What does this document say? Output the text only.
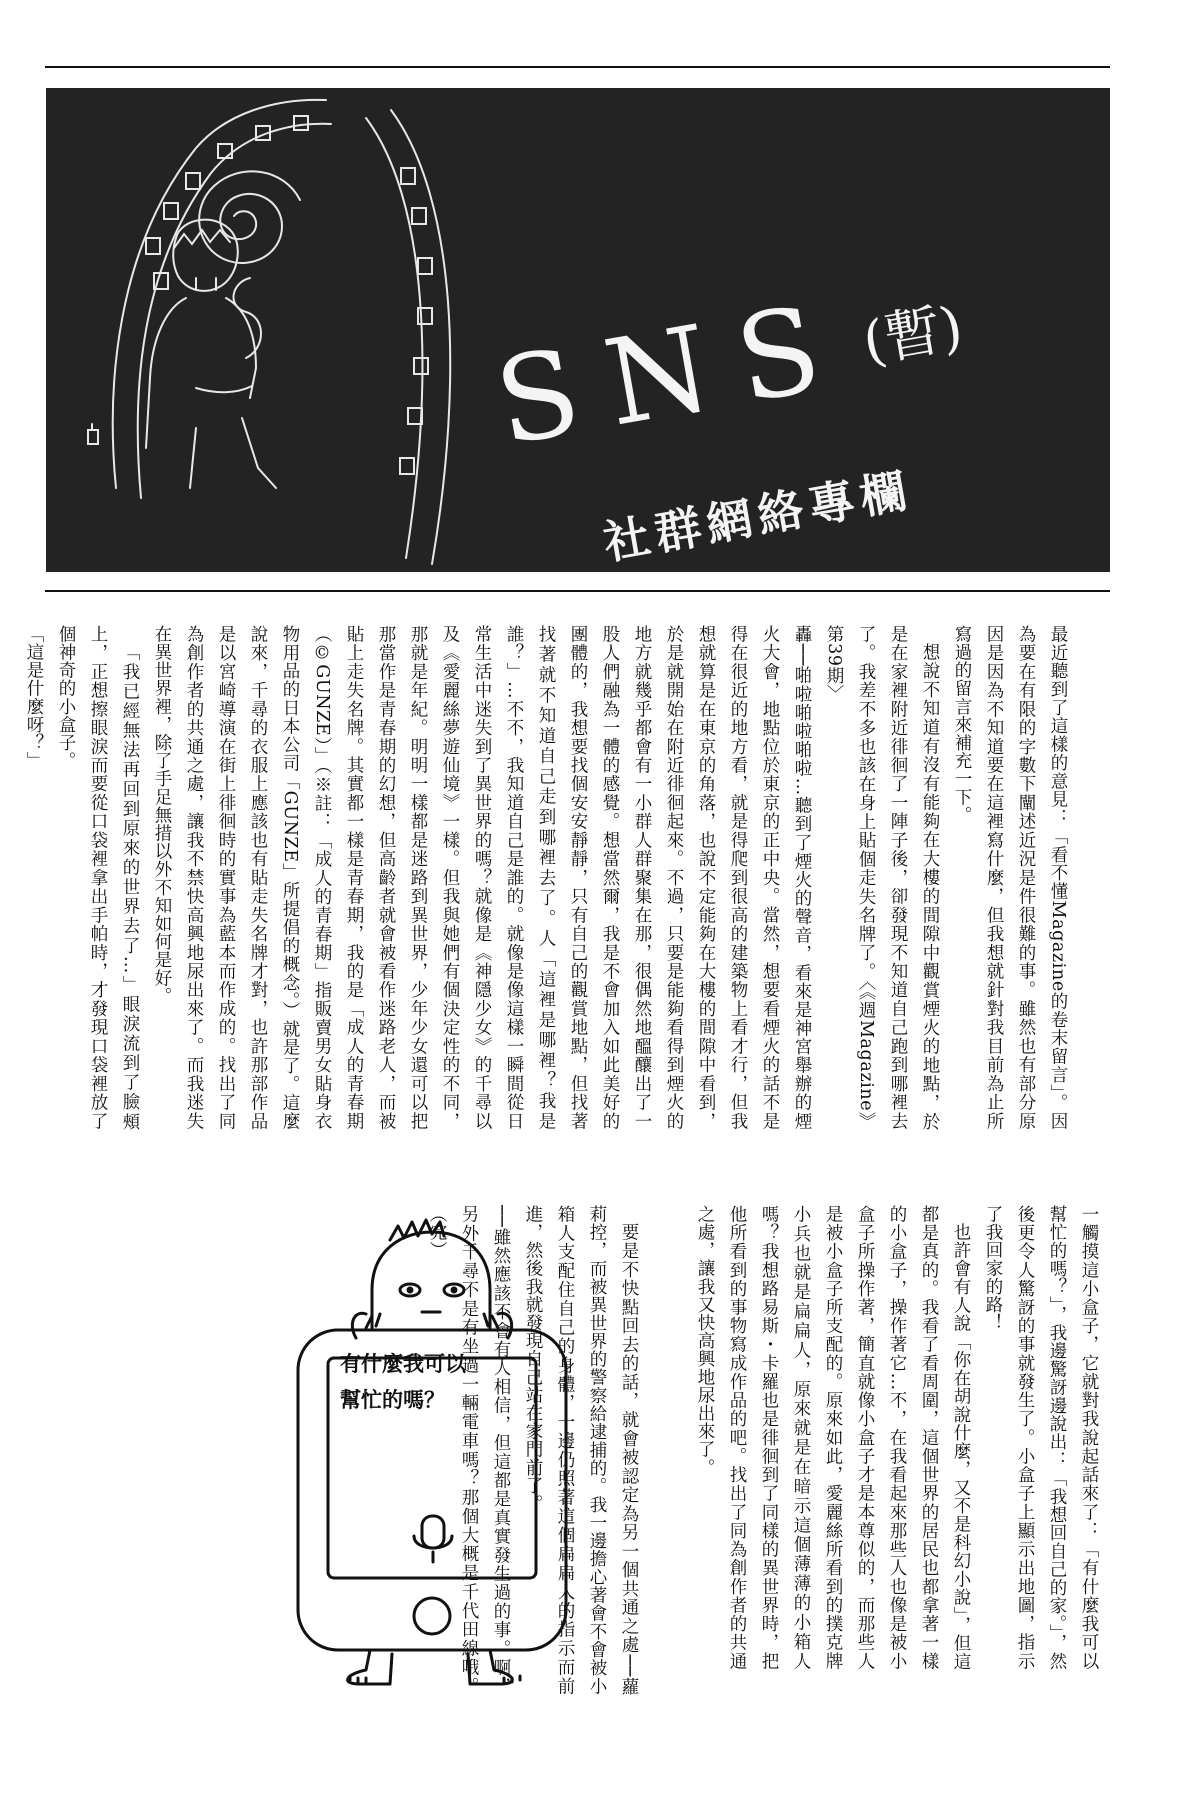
SNS
(暫)
社群網絡專欄

最近聽到了這樣的意見：「看不懂Magazine的卷末留言」。因為要在有限的字數下闡述近況是件很難的事。雖然也有部分原因是因為不知道要在這裡寫什麼，但我想就針對我目前為止所寫過的留言來補充一下。

想說不知道有沒有能夠在大樓的間隙中觀賞煙火的地點，於是在家裡附近徘徊了一陣子後，卻發現不知道自己跑到哪裡去了。我差不多也該在身上貼個走失名牌了。〈《週Magazine》第39期〉

轟──啪啦啪啦啪啦…聽到了煙火的聲音，看來是神宮舉辦的煙火大會，地點位於東京的正中央。當然，想要看煙火的話不是得在很近的地方看，就是得爬到很高的建築物上看才行，但我想就算是在東京的角落，也說不定能夠在大樓的間隙中看到，於是就開始在附近徘徊起來。不過，只要是能夠看得到煙火的地方就幾乎都會有一小群人群聚集在那，很偶然地醞釀出了一股人們融為一體的感覺。想當然爾，我是不會加入如此美好的團體的，我想要找個安安靜靜，只有自己的觀賞地點，但找著找著就不知道自己走到哪裡去了。人「這裡是哪裡？我是誰？」…不不，我知道自己是誰的。就像是像這樣一瞬間從日常生活中迷失到了異世界的嗎？就像是《神隱少女》的千尋以及《愛麗絲夢遊仙境》一樣。但我與她們有個決定性的不同，那就是年紀。明明一樣都是迷路到異世界，少年少女還可以把那當作是青春期的幻想，但高齡者就會被看作迷路老人，而被貼上走失名牌。其實都一樣是青春期，我的是「成人的青春期（©GUNZE）」（※註：「成人的青春期」指販賣男女貼身衣物用品的日本公司「GUNZE」所提倡的概念。）就是了。這麼說來，千尋的衣服上應該也有貼走失名牌才對，也許那部作品是以宮崎導演在街上徘徊時的實事為藍本而作成的。找出了同為創作者的共通之處，讓我不禁快高興地尿出來了。而我迷失在異世界裡，除了手足無措以外不知如何是好。

「我已經無法再回到原來的世界去了…」眼淚流到了臉頰上，正想擦眼淚而要從口袋裡拿出手帕時，才發現口袋裡放了個神奇的小盒子。

「這是什麼呀？」

一觸摸這小盒子，它就對我說起話來了：「有什麼我可以幫忙的嗎？」，我邊驚訝邊說出：「我想回自己的家。」，然後更令人驚訝的事就發生了。小盒子上顯示出地圖，指示了我回家的路！

也許會有人說「你在胡說什麼，又不是科幻小說」，但這都是真的。我看了看周圍，這個世界的居民也都拿著一樣的小盒子，操作著它…不，在我看起來那些人也像是被小盒子所操作著，簡直就像小盒子才是本尊似的，而那些人是被小盒子所支配的。原來如此，愛麗絲所看到的撲克牌小兵也就是扁扁人，原來就是在暗示這個薄薄的小箱人嗎？我想路易斯・卡羅也是徘徊到了同樣的異世界時，把他所看到的事物寫成作品的吧。找出了同為創作者的共通之處，讓我又快高興地尿出來了。

要是不快點回去的話，就會被認定為另一個共通之處──蘿莉控，而被異世界的警察給逮捕的。我一邊擔心著會不會被小箱人支配住自己的身體，一邊仍照著這個扁扁人的指示而前進，然後我就發現自己站在家門前了。

──雖然應該不會有人相信，但這都是真實發生過的事。啊，另外千尋不是有坐過一輛電車嗎？那個大概是千代田線哦。（完）

有什麼我可以
幫忙的嗎？
